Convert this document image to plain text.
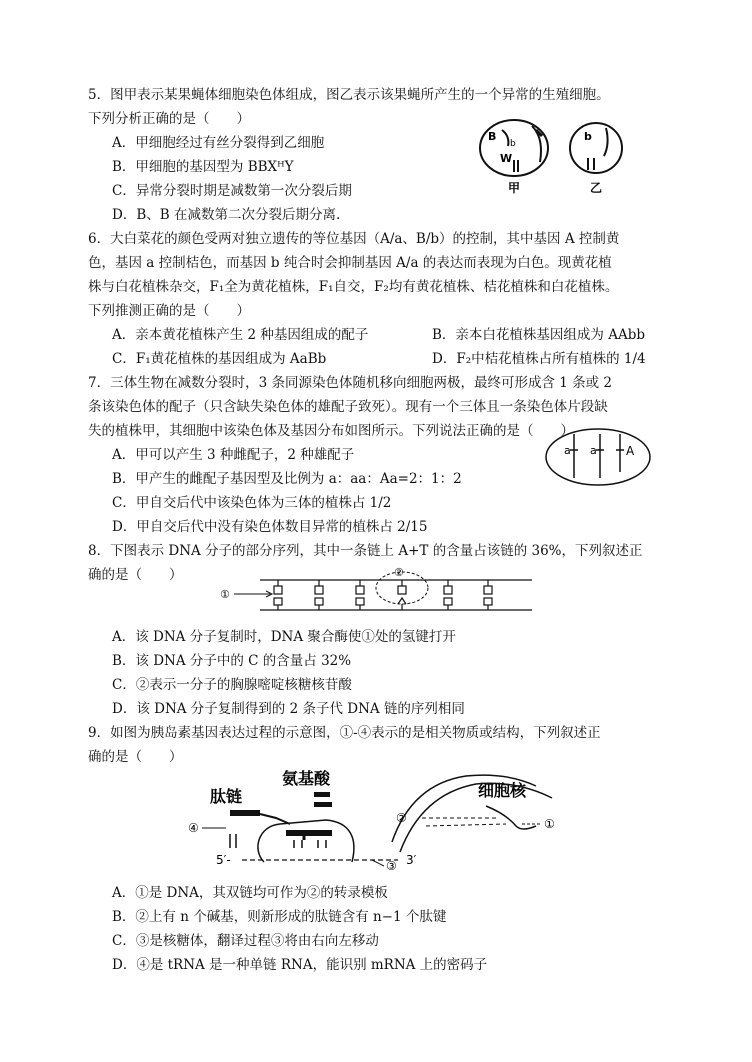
5．图甲表示某果蝇体细胞染色体组成，图乙表示该果蝇所产生的一个异常的生殖细胞。
下列分析正确的是（　　）
A．甲细胞经过有丝分裂得到乙细胞
B．甲细胞的基因型为 BBXᴴY
C．异常分裂时期是减数第一次分裂后期
D．B、B 在减数第二次分裂后期分离.
B
b
W
b
甲	乙
6．大白菜花的颜色受两对独立遗传的等位基因（A/a、B/b）的控制，其中基因 A 控制黄
色，基因 a 控制桔色，而基因 b 纯合时会抑制基因 A/a 的表达而表现为白色。现黄花植
株与白花植株杂交，F₁全为黄花植株，F₁自交，F₂均有黄花植株、桔花植株和白花植株。
下列推测正确的是（　　）
A．亲本黄花植株产生 2 种基因组成的配子	B．亲本白花植株基因组成为 AAbb
C．F₁黄花植株的基因组成为 AaBb	D．F₂中桔花植株占所有植株的 1/4
7．三体生物在减数分裂时，3 条同源染色体随机移向细胞两极，最终可形成含 1 条或 2
条该染色体的配子（只含缺失染色体的雄配子致死）。现有一个三体且一条染色体片段缺
失的植株甲，其细胞中该染色体及基因分布如图所示。下列说法正确的是（　　）
A．甲可以产生 3 种雌配子，2 种雄配子
B．甲产生的雌配子基因型及比例为 a：aa：Aa=2：1：2
C．甲自交后代中该染色体为三体的植株占 1/2
D．甲自交后代中没有染色体数目异常的植株占 2/15
a a A
8．下图表示 DNA 分子的部分序列，其中一条链上 A+T 的含量占该链的 36%，下列叙述正
确的是（　　）
①
②
A．该 DNA 分子复制时，DNA 聚合酶使①处的氢键打开
B．该 DNA 分子中的 C 的含量占 32%
C．②表示一分子的胸腺嘧啶核糖核苷酸
D．该 DNA 分子复制得到的 2 条子代 DNA 链的序列相同
9．如图为胰岛素基因表达过程的示意图，①-④表示的是相关物质或结构，下列叙述正
确的是（　　）
氨基酸
肽链	细胞核
④
5′-	3′
③
②	①
A．①是 DNA，其双链均可作为②的转录模板
B．②上有 n 个碱基，则新形成的肽链含有 n−1 个肽键
C．③是核糖体，翻译过程③将由右向左移动
D．④是 tRNA 是一种单链 RNA，能识别 mRNA 上的密码子
